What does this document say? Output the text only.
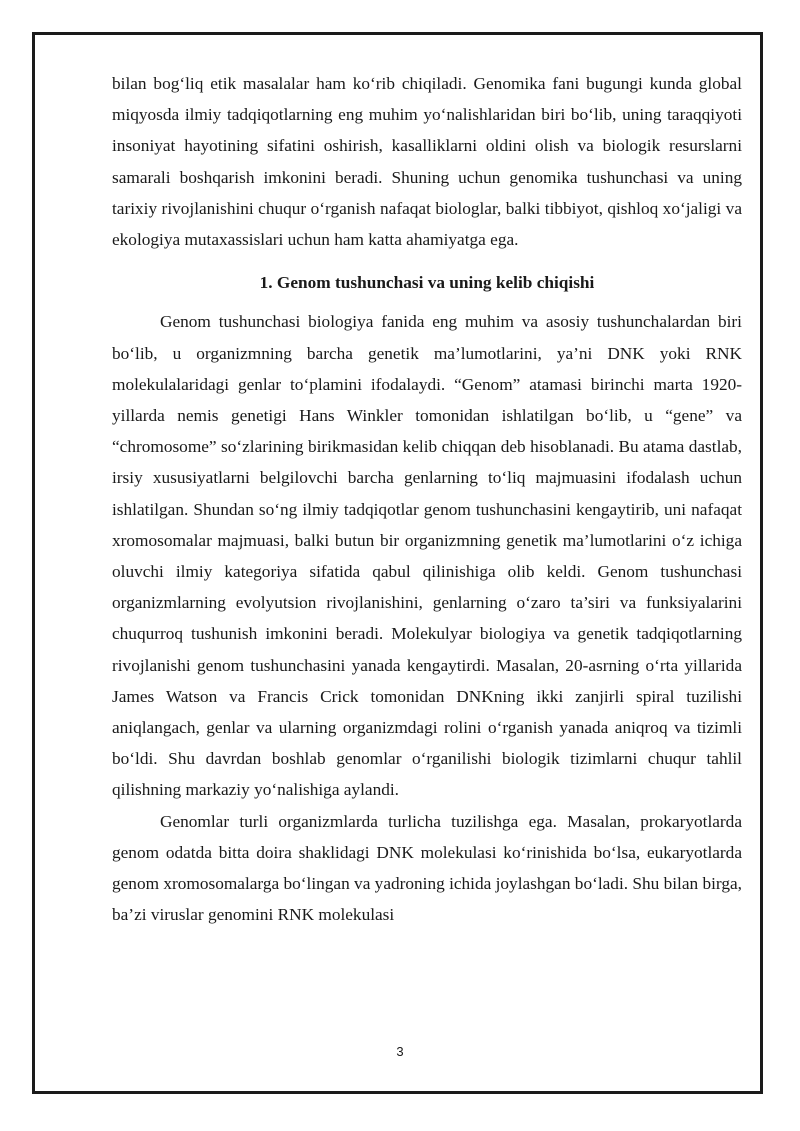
bilan bog‘liq etik masalalar ham ko‘rib chiqiladi. Genomika fani bugungi kunda global miqyosda ilmiy tadqiqotlarning eng muhim yo‘nalishlaridan biri bo‘lib, uning taraqqiyoti insoniyat hayotining sifatini oshirish, kasalliklarni oldini olish va biologik resurslarni samarali boshqarish imkonini beradi. Shuning uchun genomika tushunchasi va uning tarixiy rivojlanishini chuqur o‘rganish nafaqat biologlar, balki tibbiyot, qishloq xo‘jaligi va ekologiya mutaxassislari uchun ham katta ahamiyatga ega.

1. Genom tushunchasi va uning kelib chiqishi

Genom tushunchasi biologiya fanida eng muhim va asosiy tushunchalardan biri bo‘lib, u organizmning barcha genetik ma’lumotlarini, ya’ni DNK yoki RNK molekulalaridagi genlar to‘plamini ifodalaydi. “Genom” atamasi birinchi marta 1920-yillarda nemis genetigi Hans Winkler tomonidan ishlatilgan bo‘lib, u “gene” va “chromosome” so‘zlarining birikmasidan kelib chiqqan deb hisoblanadi. Bu atama dastlab, irsiy xususiyatlarni belgilovchi barcha genlarning to‘liq majmuasini ifodalash uchun ishlatilgan. Shundan so‘ng ilmiy tadqiqotlar genom tushunchasini kengaytirib, uni nafaqat xromosomalar majmuasi, balki butun bir organizmning genetik ma’lumotlarini o‘z ichiga oluvchi ilmiy kategoriya sifatida qabul qilinishiga olib keldi. Genom tushunchasi organizmlarning evolyutsion rivojlanishini, genlarning o‘zaro ta’siri va funksiyalarini chuqurroq tushunish imkonini beradi. Molekulyar biologiya va genetik tadqiqotlarning rivojlanishi genom tushunchasini yanada kengaytirdi. Masalan, 20-asrning o‘rta yillarida James Watson va Francis Crick tomonidan DNKning ikki zanjirli spiral tuzilishi aniqlangach, genlar va ularning organizmdagi rolini o‘rganish yanada aniqroq va tizimli bo‘ldi. Shu davrdan boshlab genomlar o‘rganilishi biologik tizimlarni chuqur tahlil qilishning markaziy yo‘nalishiga aylandi.

Genomlar turli organizmlarda turlicha tuzilishga ega. Masalan, prokaryotlarda genom odatda bitta doira shaklidagi DNK molekulasi ko‘rinishida bo‘lsa, eukaryotlarda genom xromosomalarga bo‘lingan va yadroning ichida joylashgan bo‘ladi. Shu bilan birga, ba’zi viruslar genomini RNK molekulasi

3
